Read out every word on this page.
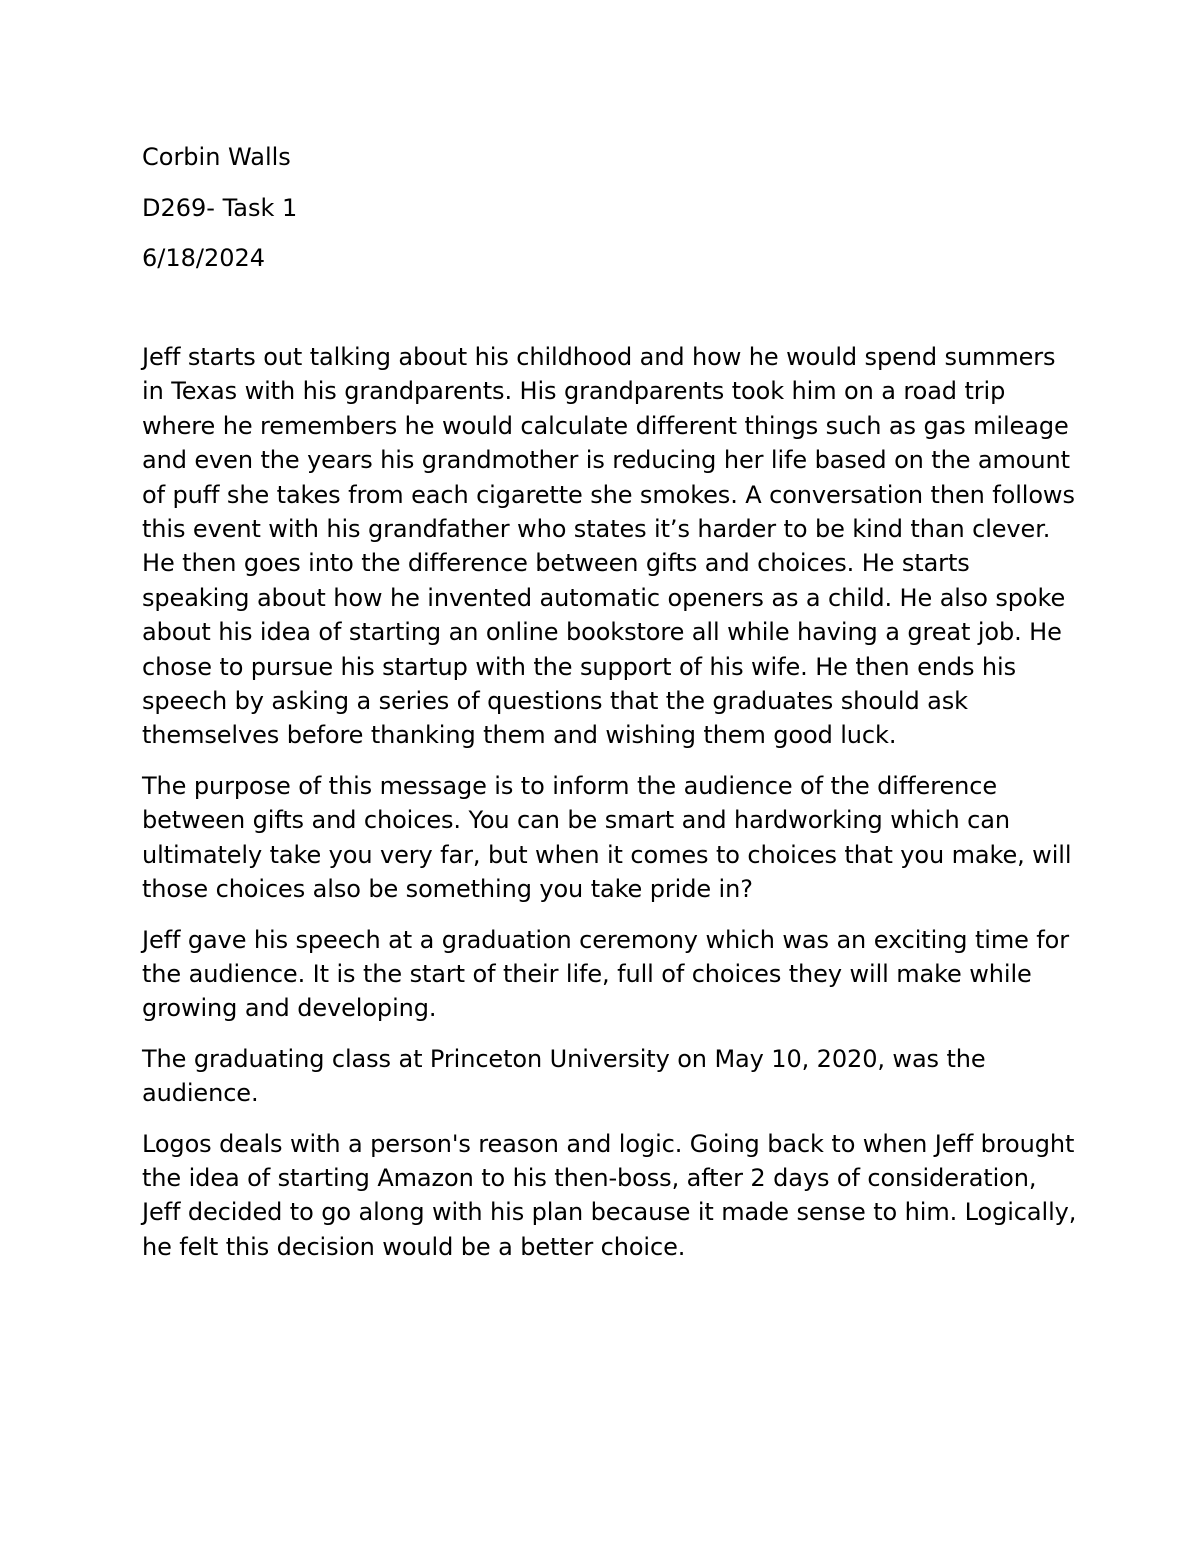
Corbin Walls

D269- Task 1

6/18/2024

Jeff starts out talking about his childhood and how he would spend summers in Texas with his grandparents. His grandparents took him on a road trip where he remembers he would calculate different things such as gas mileage and even the years his grandmother is reducing her life based on the amount of puff she takes from each cigarette she smokes. A conversation then follows this event with his grandfather who states it’s harder to be kind than clever. He then goes into the difference between gifts and choices. He starts speaking about how he invented automatic openers as a child. He also spoke about his idea of starting an online bookstore all while having a great job. He chose to pursue his startup with the support of his wife. He then ends his speech by asking a series of questions that the graduates should ask themselves before thanking them and wishing them good luck.

The purpose of this message is to inform the audience of the difference between gifts and choices. You can be smart and hardworking which can ultimately take you very far, but when it comes to choices that you make, will those choices also be something you take pride in?

Jeff gave his speech at a graduation ceremony which was an exciting time for the audience. It is the start of their life, full of choices they will make while growing and developing.

The graduating class at Princeton University on May 10, 2020, was the audience.

Logos deals with a person's reason and logic. Going back to when Jeff brought the idea of starting Amazon to his then-boss, after 2 days of consideration, Jeff decided to go along with his plan because it made sense to him. Logically, he felt this decision would be a better choice.
